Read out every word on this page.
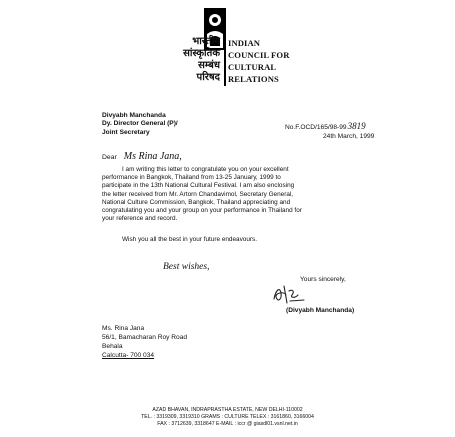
भारतीय
सांस्कृतिक
सम्बंध
परिषद
INDIAN
COUNCIL FOR
CULTURAL
RELATIONS
Divyabh Manchanda
Dy. Director General (P)/
Joint Secretary
No.F.OCD/165/98-993819
24th March, 1999
Dear Ms Rina Jana,
I am writing this letter to congratulate you on your excellent
performance in Bangkok, Thailand from 13-25 January, 1999 to
participate in the 13th National Cultural Festival. I am also enclosing
the letter received from Mr. Artorn Chandavimol, Secretary General,
National Culture Commission, Bangkok, Thailand appreciating and
congratulating you and your group on your performance in Thailand for
your reference and record.
Wish you all the best in your future endeavours.
Best wishes,
Yours sincerely,
(Divyabh Manchanda)
Ms. Rina Jana
56/1, Bamacharan Roy Road
Behala
Calcutta- 700 034
AZAD BHAVAN, INDRAPRASTHA ESTATE, NEW DELHI-110002
TEL. : 3319309, 3319310 GRAMS : CULTURE TELEX : 3161860, 3166004
FAX : 3712639, 3318647 E-MAIL : iccr @ giasdl01.vsnl.net.in
